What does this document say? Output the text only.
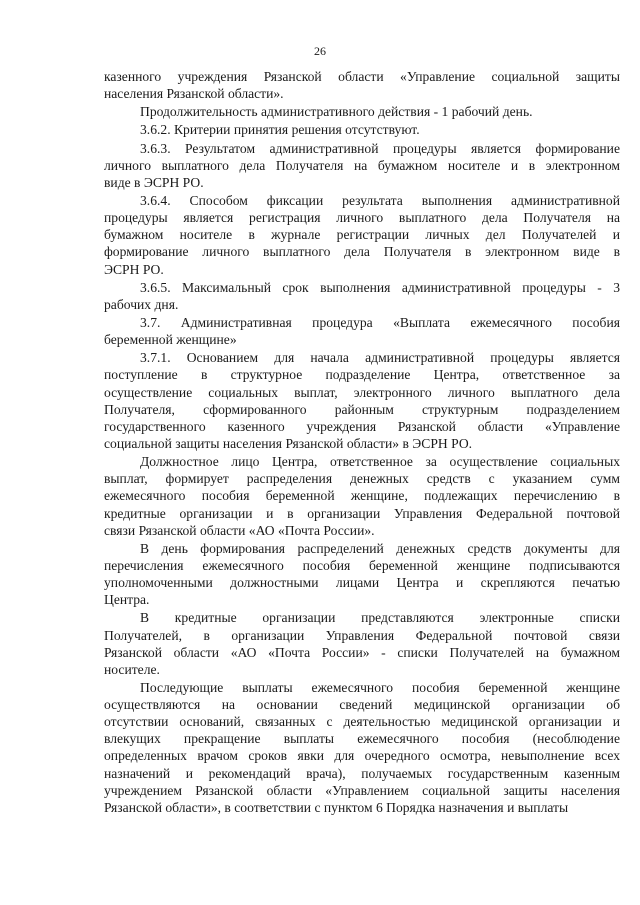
26
казенного учреждения Рязанской области «Управление социальной защиты
населения Рязанской области».
Продолжительность административного действия - 1 рабочий день.
3.6.2. Критерии принятия решения отсутствуют.
3.6.3. Результатом административной процедуры является формирование
личного выплатного дела Получателя на бумажном носителе и в электронном
виде в ЭСРН РО.
3.6.4. Способом фиксации результата выполнения административной
процедуры является регистрация личного выплатного дела Получателя на
бумажном носителе в журнале регистрации личных дел Получателей и
формирование личного выплатного дела Получателя в электронном виде в
ЭСРН РО.
3.6.5. Максимальный срок выполнения административной процедуры - 3
рабочих дня.
3.7. Административная процедура «Выплата ежемесячного пособия
беременной женщине»
3.7.1. Основанием для начала административной процедуры является
поступление в структурное подразделение Центра, ответственное за
осуществление социальных выплат, электронного личного выплатного дела
Получателя, сформированного районным структурным подразделением
государственного казенного учреждения Рязанской области «Управление
социальной защиты населения Рязанской области» в ЭСРН РО.
Должностное лицо Центра, ответственное за осуществление социальных
выплат, формирует распределения денежных средств с указанием сумм
ежемесячного пособия беременной женщине, подлежащих перечислению в
кредитные организации и в организации Управления Федеральной почтовой
связи Рязанской области «АО «Почта России».
В день формирования распределений денежных средств документы для
перечисления ежемесячного пособия беременной женщине подписываются
уполномоченными должностными лицами Центра и скрепляются печатью
Центра.
В кредитные организации представляются электронные списки
Получателей, в организации Управления Федеральной почтовой связи
Рязанской области «АО «Почта России» - списки Получателей на бумажном
носителе.
Последующие выплаты ежемесячного пособия беременной женщине
осуществляются на основании сведений медицинской организации об
отсутствии оснований, связанных с деятельностью медицинской организации и
влекущих прекращение выплаты ежемесячного пособия (несоблюдение
определенных врачом сроков явки для очередного осмотра, невыполнение всех
назначений и рекомендаций врача), получаемых государственным казенным
учреждением Рязанской области «Управлением социальной защиты населения
Рязанской области», в соответствии с пунктом 6 Порядка назначения и выплаты
